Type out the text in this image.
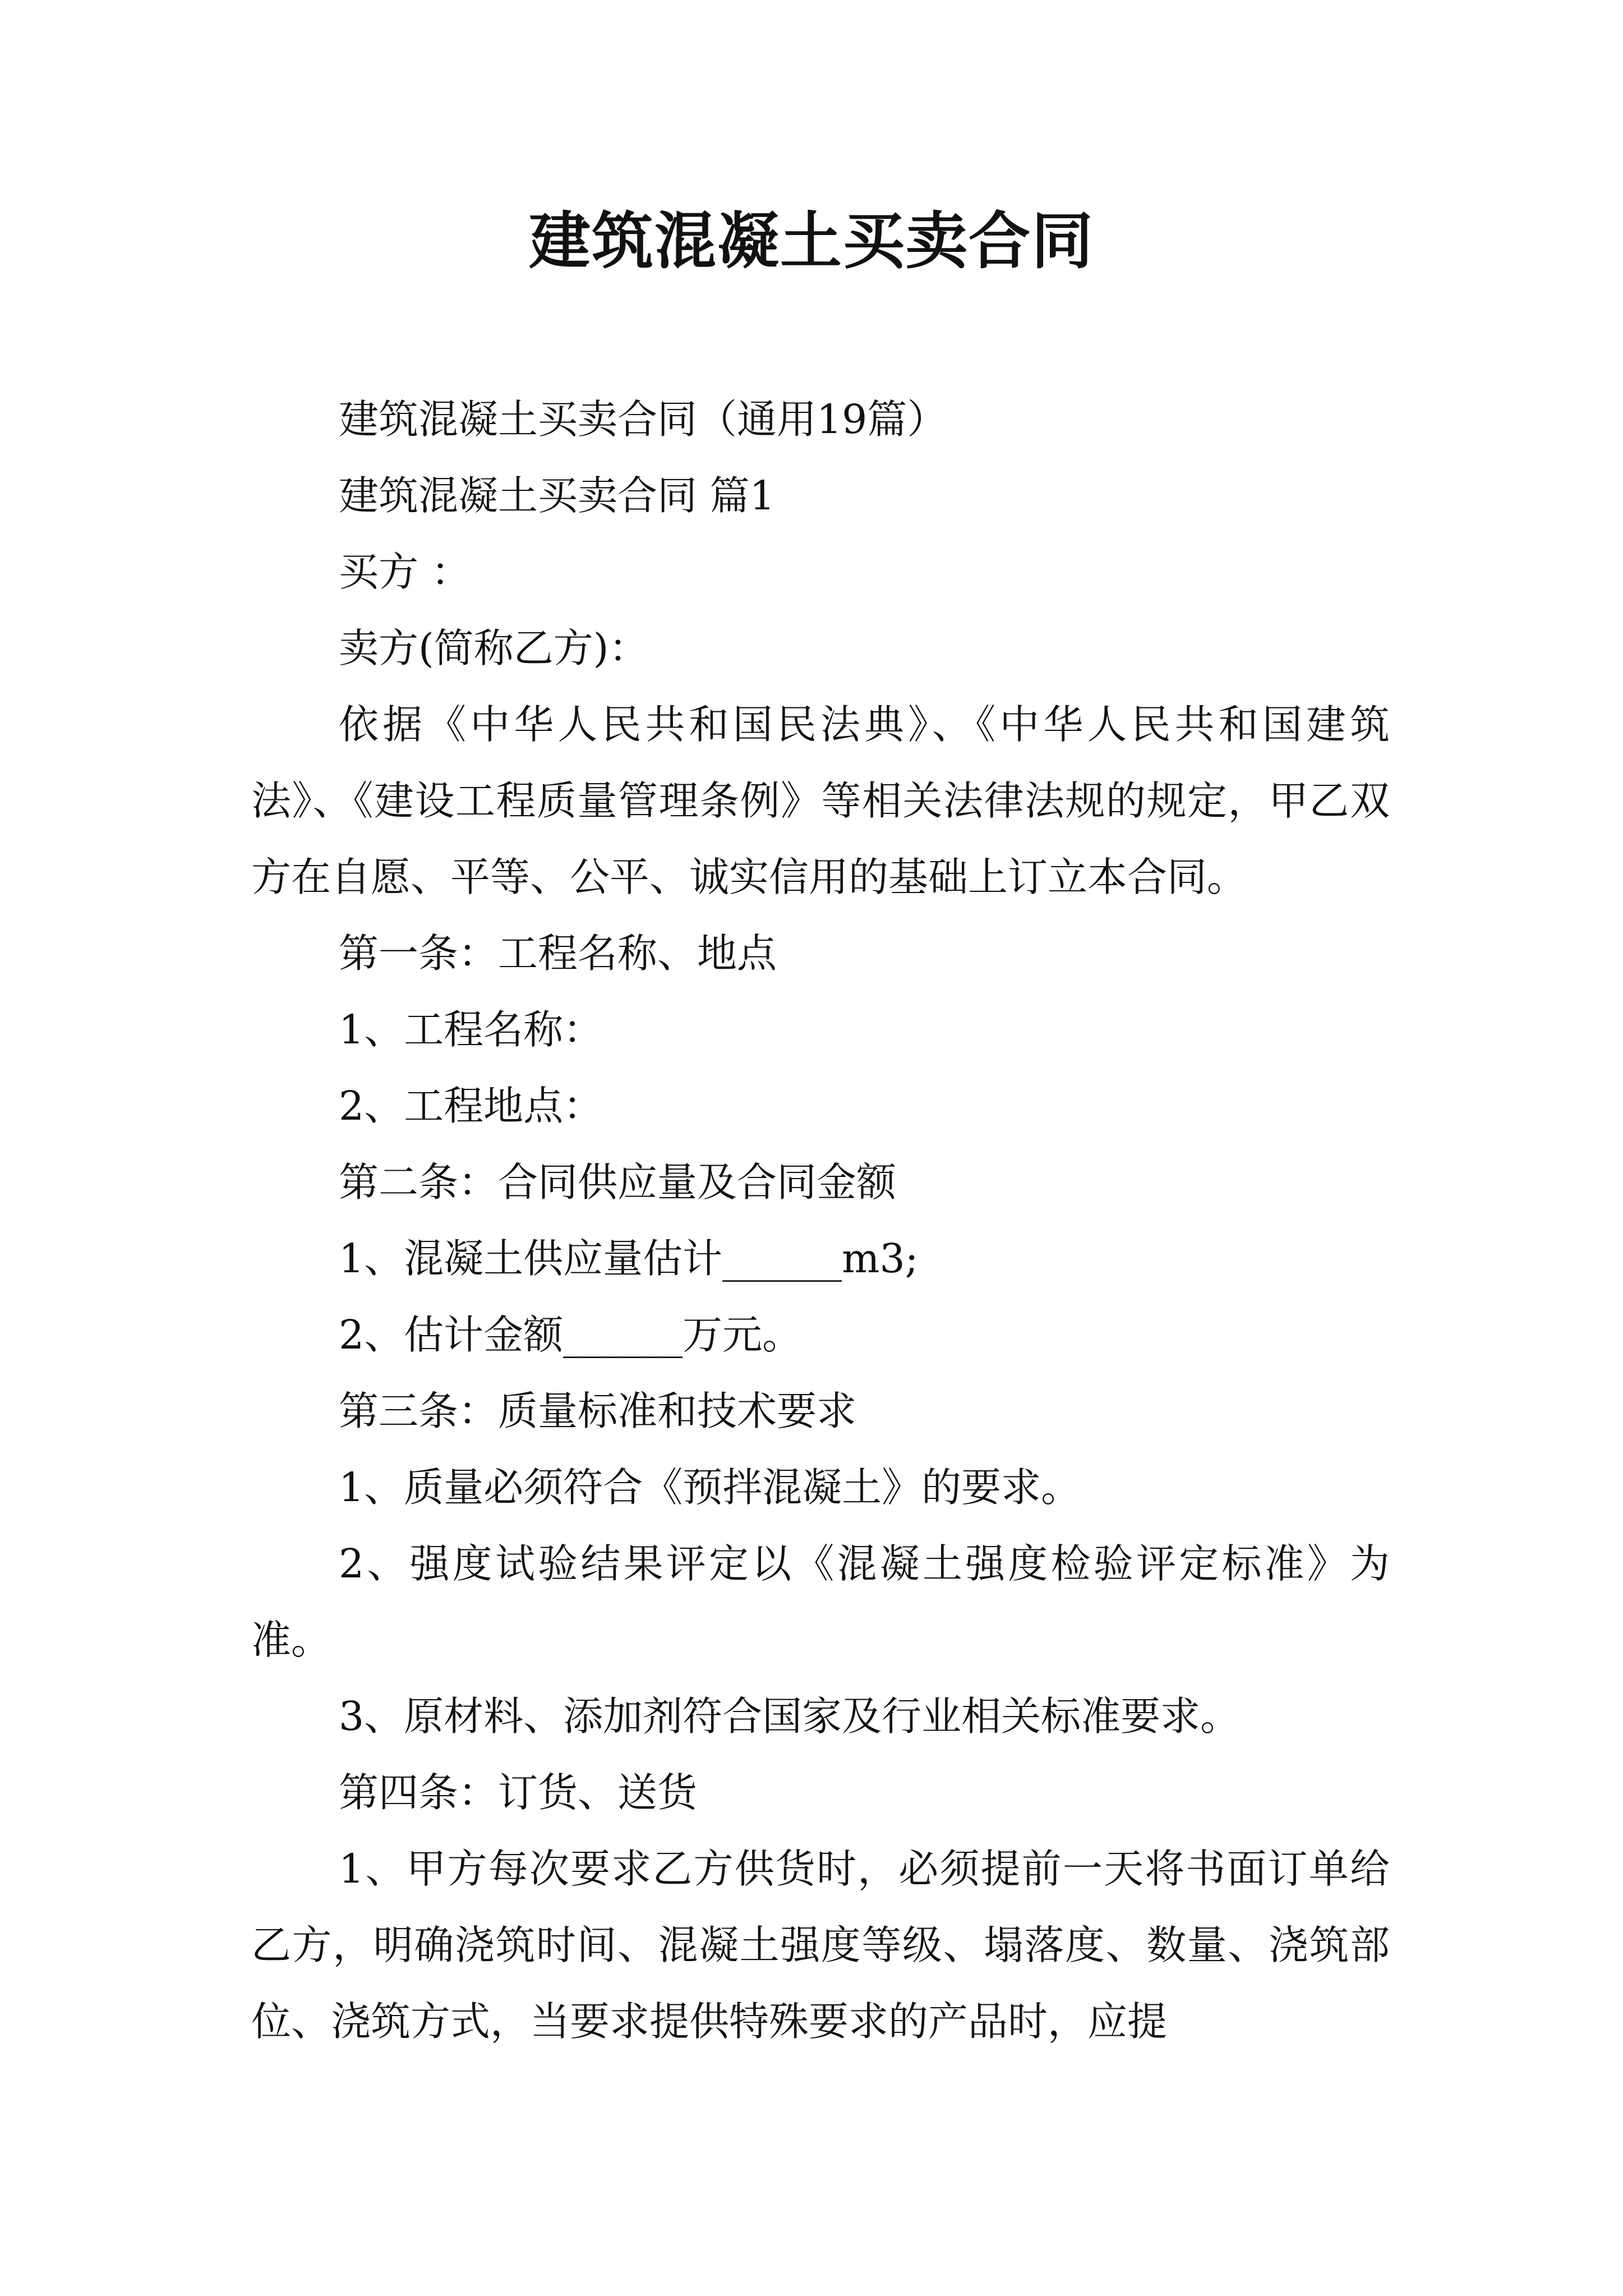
建筑混凝土买卖合同

建筑混凝土买卖合同（通用19篇）

建筑混凝土买卖合同 篇1

买方 ：

卖方(简称乙方)：

依据《中华人民共和国民法典》、《中华人民共和国建筑法》、《建设工程质量管理条例》等相关法律法规的规定，甲乙双方在自愿、平等、公平、诚实信用的基础上订立本合同。

第一条：工程名称、地点

1、工程名称：

2、工程地点：

第二条：合同供应量及合同金额

1、混凝土供应量估计______m3;

2、估计金额______万元。

第三条：质量标准和技术要求

1、质量必须符合《预拌混凝土》的要求。

2、强度试验结果评定以《混凝土强度检验评定标准》为准。

3、原材料、添加剂符合国家及行业相关标准要求。

第四条：订货、送货

1、甲方每次要求乙方供货时，必须提前一天将书面订单给乙方，明确浇筑时间、混凝土强度等级、塌落度、数量、浇筑部位、浇筑方式，当要求提供特殊要求的产品时，应提
